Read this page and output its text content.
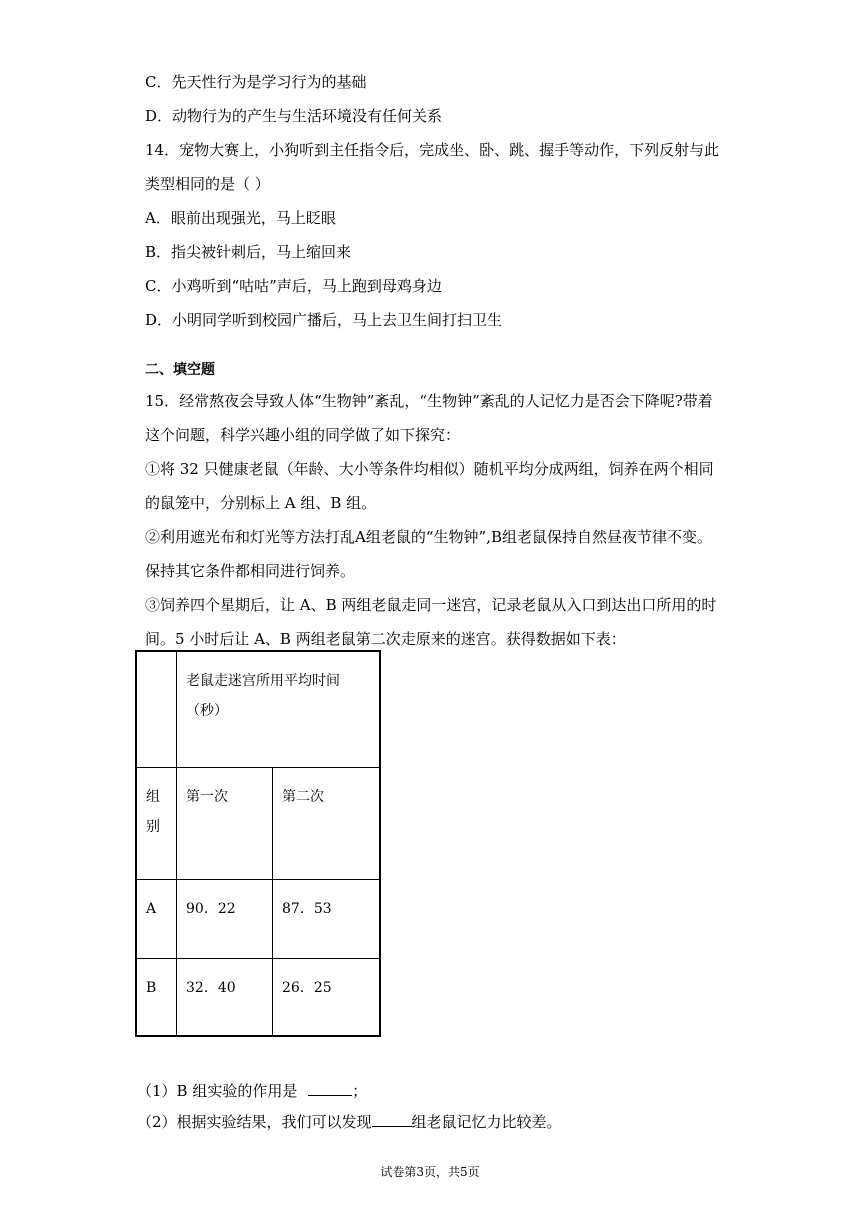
C．先天性行为是学习行为的基础
D．动物行为的产生与生活环境没有任何关系
14．宠物大赛上，小狗听到主任指令后，完成坐、卧、跳、握手等动作，下列反射与此
类型相同的是（ ）
A．眼前出现强光，马上眨眼
B．指尖被针刺后，马上缩回来
C．小鸡听到“咕咕”声后，马上跑到母鸡身边
D．小明同学听到校园广播后，马上去卫生间打扫卫生
二、填空题
15．经常熬夜会导致人体“生物钟”紊乱，“生物钟”紊乱的人记忆力是否会下降呢?带着
这个问题，科学兴趣小组的同学做了如下探究：
①将 32 只健康老鼠（年龄、大小等条件均相似）随机平均分成两组，饲养在两个相同
的鼠笼中，分别标上 A 组、B 组。
②利用遮光布和灯光等方法打乱A组老鼠的“生物钟”,B组老鼠保持自然昼夜节律不变。
保持其它条件都相同进行饲养。
③饲养四个星期后，让 A、B 两组老鼠走同一迷宫，记录老鼠从入口到达出口所用的时
间。5 小时后让 A、B 两组老鼠第二次走原来的迷宫。获得数据如下表：
	老鼠走迷宫所用平均时间（秒）	
组别	第一次	第二次
A	90．22	87．53
B	32．40	26．25
（1）B 组实验的作用是	；
（2）根据实验结果，我们可以发现	组老鼠记忆力比较差。
试卷第3页，共5页
